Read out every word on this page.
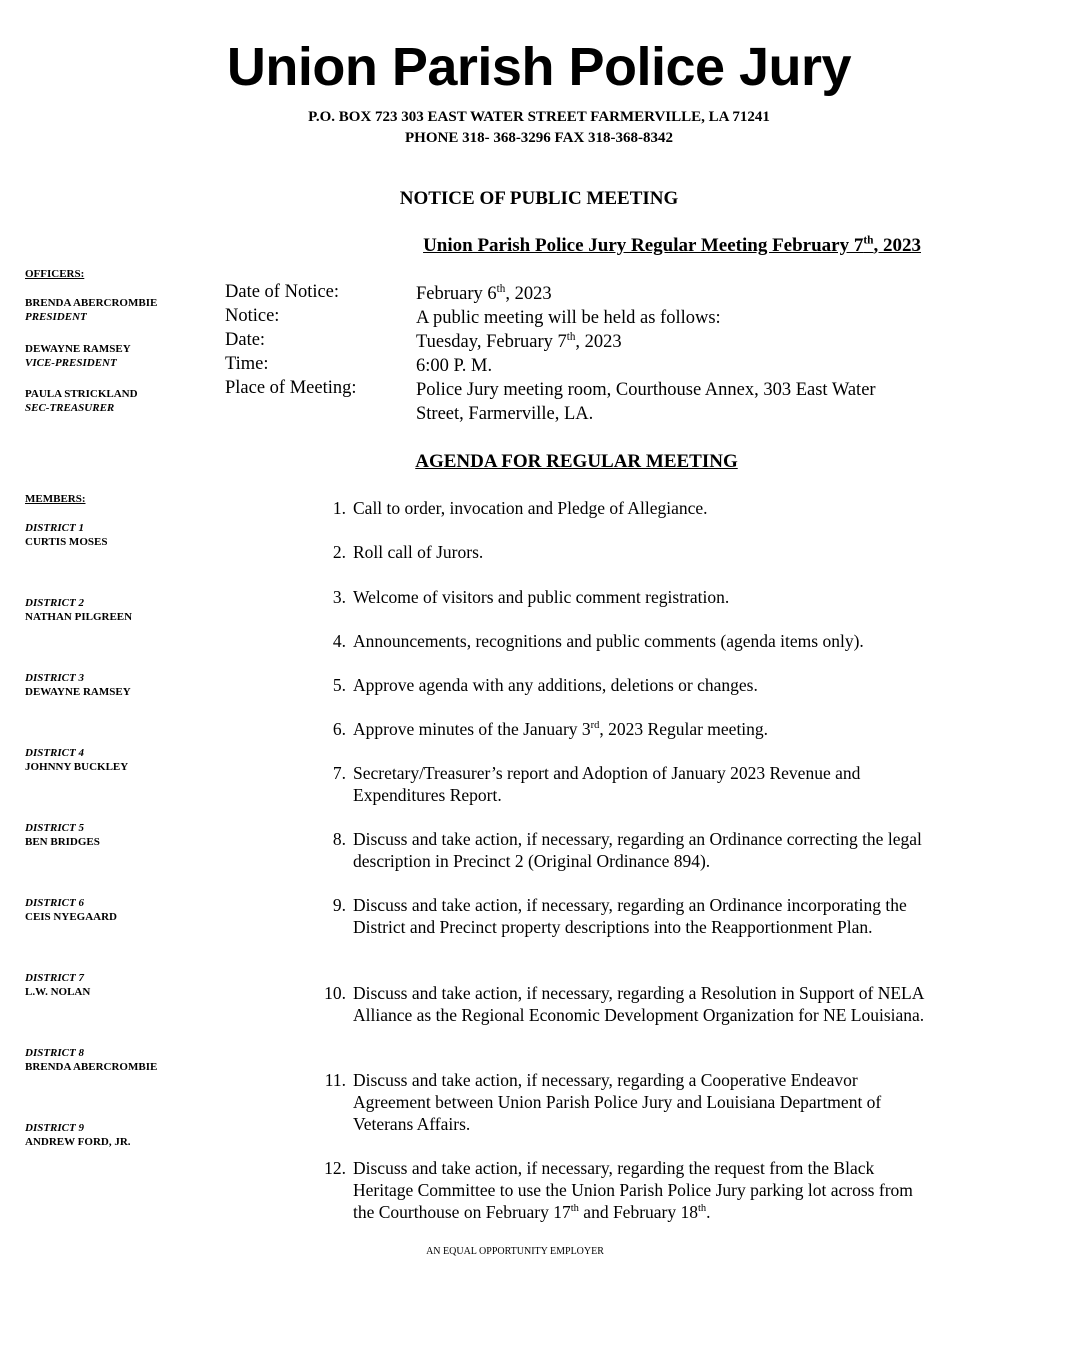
Union Parish Police Jury
P.O. BOX 723 303 EAST WATER STREET FARMERVILLE, LA 71241
PHONE 318- 368-3296 FAX 318-368-8342
NOTICE OF PUBLIC MEETING
Union Parish Police Jury Regular Meeting February 7th, 2023
OFFICERS:
BRENDA ABERCROMBIE
PRESIDENT
DEWAYNE RAMSEY
VICE-PRESIDENT
PAULA STRICKLAND
SEC-TREASURER
MEMBERS:
DISTRICT 1
CURTIS MOSES
DISTRICT 2
NATHAN PILGREEN
DISTRICT 3
DEWAYNE RAMSEY
DISTRICT 4
JOHNNY BUCKLEY
DISTRICT 5
BEN BRIDGES
DISTRICT 6
CEIS NYEGAARD
DISTRICT 7
L.W. NOLAN
DISTRICT 8
BRENDA ABERCROMBIE
DISTRICT 9
ANDREW FORD, JR.
Date of Notice:	February 6th, 2023
Notice:	A public meeting will be held as follows:
Date:	Tuesday, February 7th, 2023
Time:	6:00 P. M.
Place of Meeting:	Police Jury meeting room, Courthouse Annex, 303 East Water Street, Farmerville, LA.
AGENDA FOR REGULAR MEETING
1. Call to order, invocation and Pledge of Allegiance.
2. Roll call of Jurors.
3. Welcome of visitors and public comment registration.
4. Announcements, recognitions and public comments (agenda items only).
5. Approve agenda with any additions, deletions or changes.
6. Approve minutes of the January 3rd, 2023 Regular meeting.
7. Secretary/Treasurer’s report and Adoption of January 2023 Revenue and Expenditures Report.
8. Discuss and take action, if necessary, regarding an Ordinance correcting the legal description in Precinct 2 (Original Ordinance 894).
9. Discuss and take action, if necessary, regarding an Ordinance incorporating the District and Precinct property descriptions into the Reapportionment Plan.
10. Discuss and take action, if necessary, regarding a Resolution in Support of NELA Alliance as the Regional Economic Development Organization for NE Louisiana.
11. Discuss and take action, if necessary, regarding a Cooperative Endeavor Agreement between Union Parish Police Jury and Louisiana Department of Veterans Affairs.
12. Discuss and take action, if necessary, regarding the request from the Black Heritage Committee to use the Union Parish Police Jury parking lot across from the Courthouse on February 17th and February 18th.
AN EQUAL OPPORTUNITY EMPLOYER
